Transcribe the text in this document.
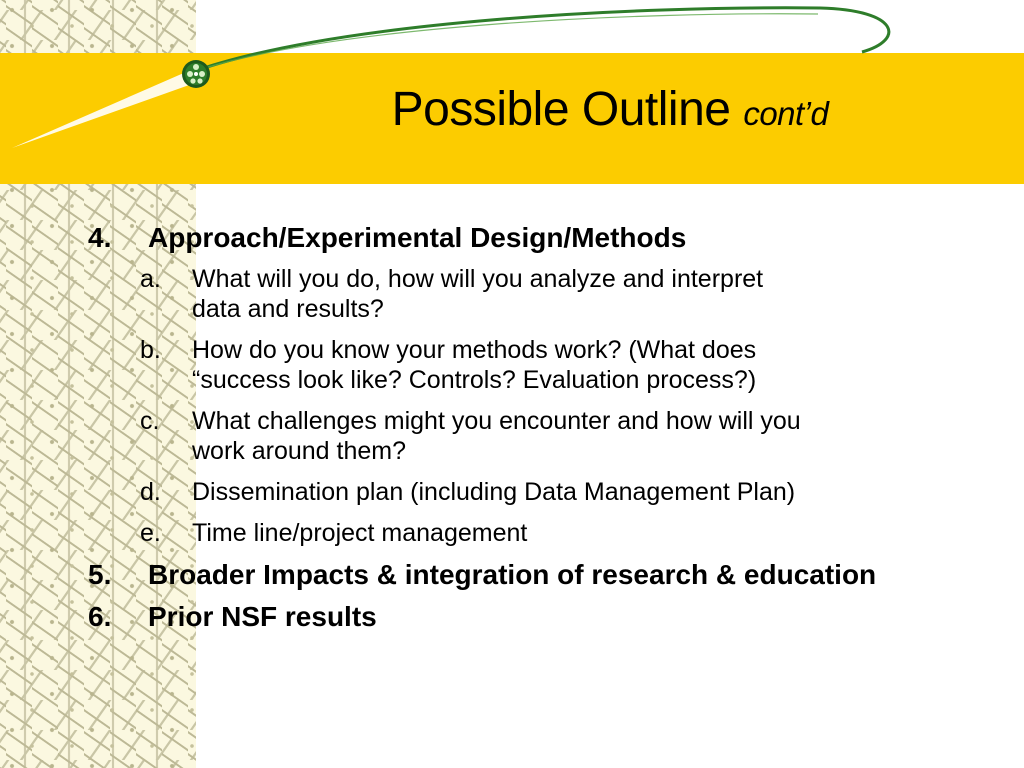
Possible Outline cont’d
4. Approach/Experimental Design/Methods
a. What will you do, how will you analyze and interpret data and results?
b. How do you know your methods work? (What does “success look like? Controls? Evaluation process?)
c. What challenges might you encounter and how will you work around them?
d. Dissemination plan (including Data Management Plan)
e. Time line/project management
5. Broader Impacts & integration of research & education
6. Prior NSF results
